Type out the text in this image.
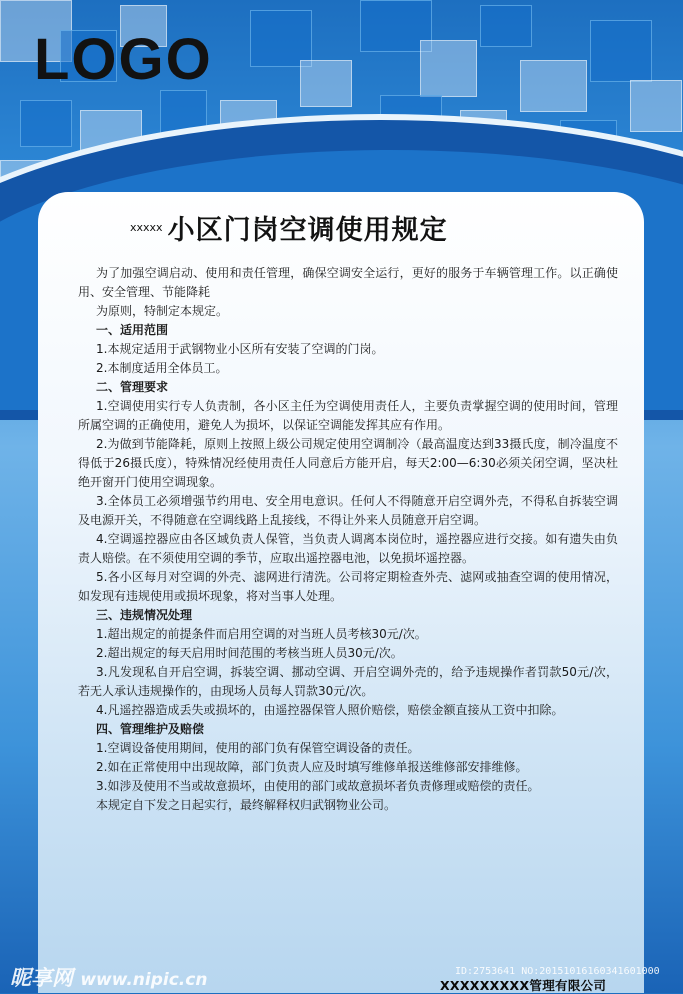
LOGO
xxxxx 小区门岗空调使用规定

为了加强空调启动、使用和责任管理，确保空调安全运行，更好的服务于车辆管理工作。以正确使用、安全管理、节能降耗

为原则，特制定本规定。

一、适用范围

1.本规定适用于武钢物业小区所有安装了空调的门岗。

2.本制度适用全体员工。

二、管理要求

1.空调使用实行专人负责制，各小区主任为空调使用责任人，主要负责掌握空调的使用时间，管理所属空调的正确使用，避免人为损坏，以保证空调能发挥其应有作用。

2.为做到节能降耗，原则上按照上级公司规定使用空调制冷（最高温度达到33摄氏度，制冷温度不得低于26摄氏度），特殊情况经使用责任人同意后方能开启，每天2:00—6:30必须关闭空调，坚决杜绝开窗开门使用空调现象。

3.全体员工必须增强节约用电、安全用电意识。任何人不得随意开启空调外壳，不得私自拆装空调及电源开关，不得随意在空调线路上乱接线，不得让外来人员随意开启空调。

4.空调遥控器应由各区域负责人保管，当负责人调离本岗位时，遥控器应进行交接。如有遗失由负责人赔偿。在不须使用空调的季节，应取出遥控器电池，以免损坏遥控器。

5.各小区每月对空调的外壳、滤网进行清洗。公司将定期检查外壳、滤网或抽查空调的使用情况，如发现有违规使用或损坏现象，将对当事人处理。

三、违规情况处理

1.超出规定的前提条件而启用空调的对当班人员考核30元/次。

2.超出规定的每天启用时间范围的考核当班人员30元/次。

3.凡发现私自开启空调，拆装空调、挪动空调、开启空调外壳的，给予违规操作者罚款50元/次，若无人承认违规操作的，由现场人员每人罚款30元/次。

4.凡遥控器造成丢失或损坏的，由遥控器保管人照价赔偿，赔偿金额直接从工资中扣除。

四、管理维护及赔偿

1.空调设备使用期间，使用的部门负有保管空调设备的责任。

2.如在正常使用中出现故障，部门负责人应及时填写维修单报送维修部安排维修。

3.如涉及使用不当或故意损坏，由使用的部门或故意损坏者负责修理或赔偿的责任。

本规定自下发之日起实行，最终解释权归武钢物业公司。

昵享网 www.nipic.cn	XXXXXXXXX管理有限公司
ID:2753641 NO:20151016160341601000
